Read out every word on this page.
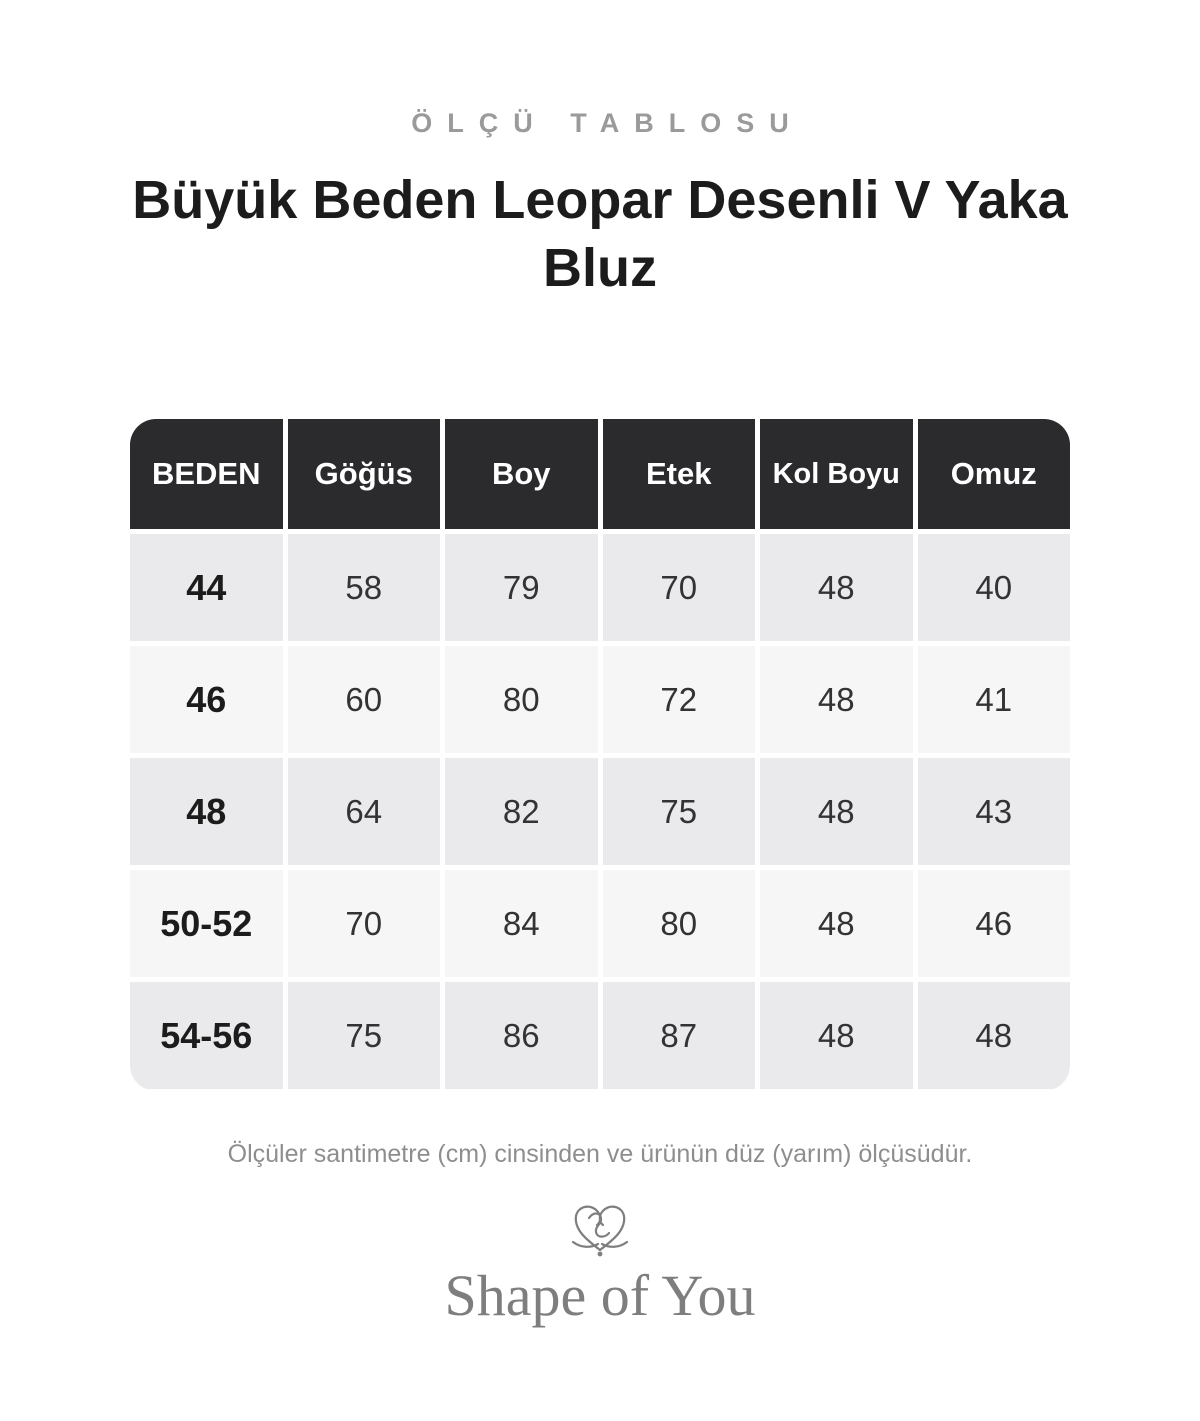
ÖLÇÜ TABLOSU
Büyük Beden Leopar Desenli V Yaka Bluz
BEDEN	Göğüs	Boy	Etek	Kol Boyu	Omuz
44	58	79	70	48	40
46	60	80	72	48	41
48	64	82	75	48	43
50-52	70	84	80	48	46
54-56	75	86	87	48	48
Ölçüler santimetre (cm) cinsinden ve ürünün düz (yarım) ölçüsüdür.
Shape of You
